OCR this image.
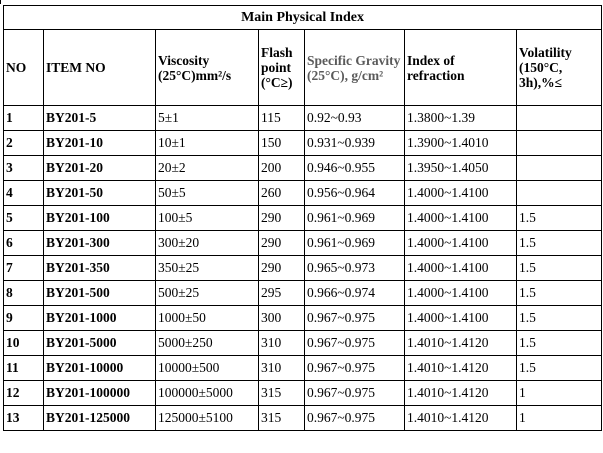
Main Physical Index						
NO	ITEM NO	Viscosity (25°C)mm²/s	Flash point (°C≥)	Specific Gravity (25°C), g/cm²	Index of refraction	Volatility (150°C, 3h),%≤
1	BY201-5	5±1	115	0.92~0.93	1.3800~1.39	
2	BY201-10	10±1	150	0.931~0.939	1.3900~1.4010	
3	BY201-20	20±2	200	0.946~0.955	1.3950~1.4050	
4	BY201-50	50±5	260	0.956~0.964	1.4000~1.4100	
5	BY201-100	100±5	290	0.961~0.969	1.4000~1.4100	1.5
6	BY201-300	300±20	290	0.961~0.969	1.4000~1.4100	1.5
7	BY201-350	350±25	290	0.965~0.973	1.4000~1.4100	1.5
8	BY201-500	500±25	295	0.966~0.974	1.4000~1.4100	1.5
9	BY201-1000	1000±50	300	0.967~0.975	1.4000~1.4100	1.5
10	BY201-5000	5000±250	310	0.967~0.975	1.4010~1.4120	1.5
11	BY201-10000	10000±500	310	0.967~0.975	1.4010~1.4120	1.5
12	BY201-100000	100000±5000	315	0.967~0.975	1.4010~1.4120	1
13	BY201-125000	125000±5100	315	0.967~0.975	1.4010~1.4120	1
